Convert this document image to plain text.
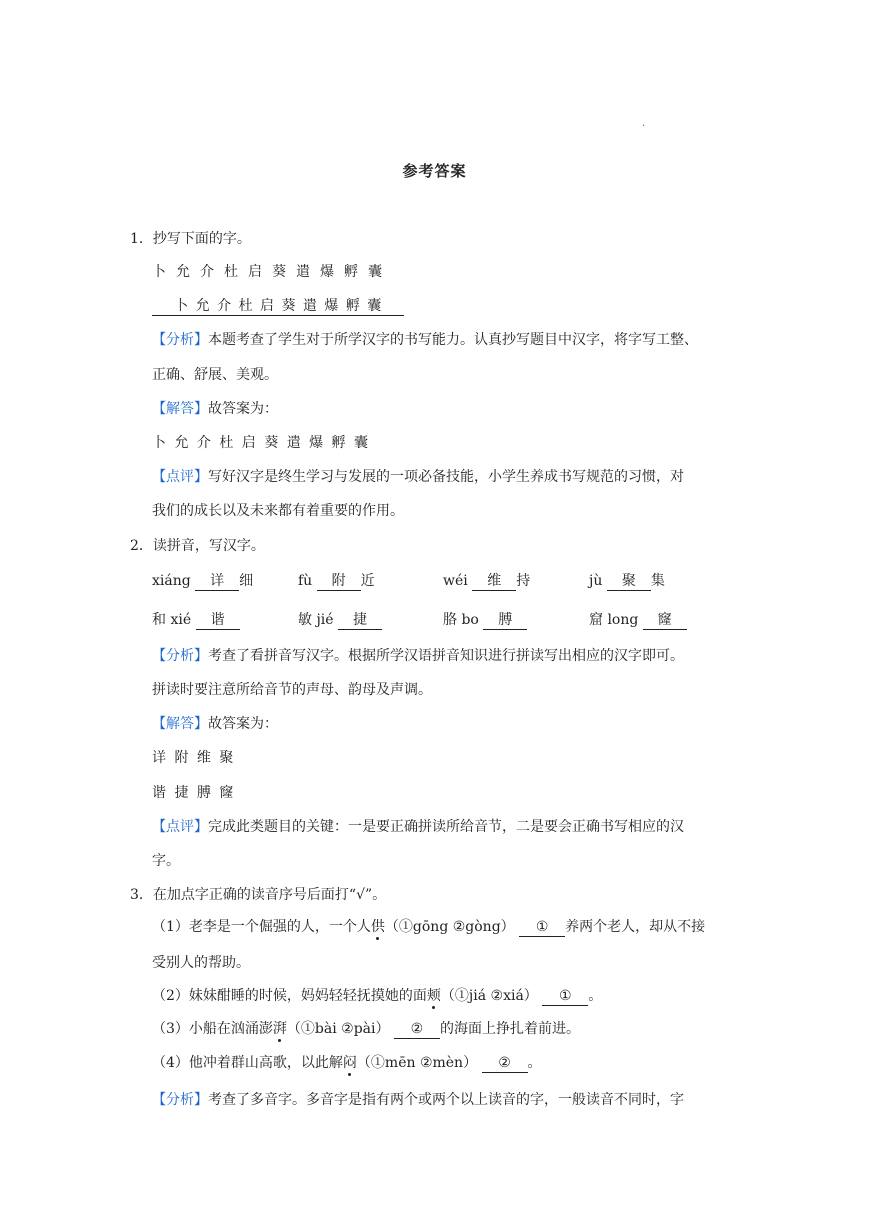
.
参考答案
1．抄写下面的字。
卜 允 介 杜 启 葵 遣 爆 孵 囊
卜 允 介 杜 启 葵 遣 爆 孵 囊
【分析】本题考查了学生对于所学汉字的书写能力。认真抄写题目中汉字，将字写工整、
正确、舒展、美观。
【解答】故答案为：
卜 允 介 杜 启 葵 遣 爆 孵 囊
【点评】写好汉字是终生学习与发展的一项必备技能，小学生养成书写规范的习惯，对
我们的成长以及未来都有着重要的作用。
2．读拼音，写汉字。
xiáng 详 细	fù 附 近	wéi 维 持	jù 聚 集
和 xié 谐	敏 jié 捷	胳 bo 膊	窟 long 窿
【分析】考查了看拼音写汉字。根据所学汉语拼音知识进行拼读写出相应的汉字即可。
拼读时要注意所给音节的声母、韵母及声调。
【解答】故答案为：
详 附 维 聚
谐 捷 膊 窿
【点评】完成此类题目的关键：一是要正确拼读所给音节，二是要会正确书写相应的汉
字。
3．在加点字正确的读音序号后面打“√”。
（1）老李是一个倔强的人，一个人供（①gōng ②gòng） ① 养两个老人，却从不接
受别人的帮助。
（2）妹妹酣睡的时候，妈妈轻轻抚摸她的面颊（①jiá ②xiá） ① 。
（3）小船在汹涌澎湃（①bài ②pài） ② 的海面上挣扎着前进。
（4）他冲着群山高歌，以此解闷（①mēn ②mèn） ② 。
【分析】考查了多音字。多音字是指有两个或两个以上读音的字，一般读音不同时，字
